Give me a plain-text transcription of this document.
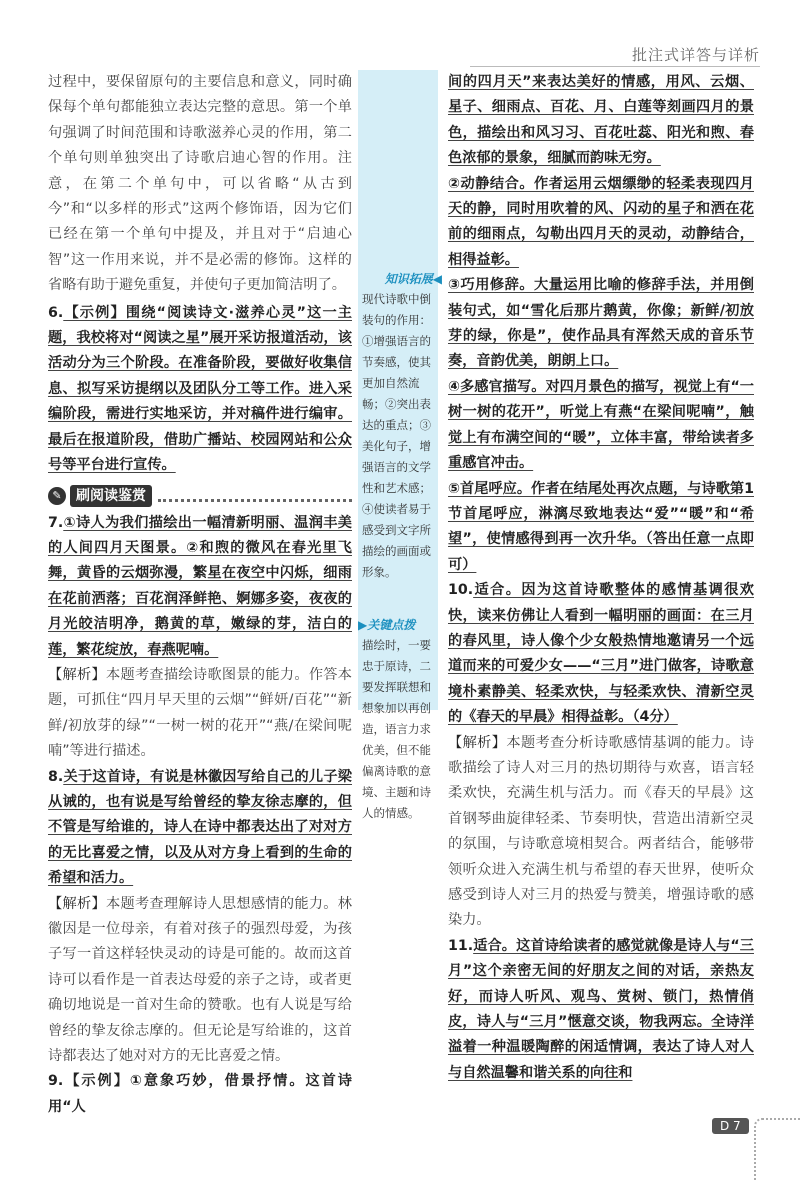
批注式详答与详析

过程中，要保留原句的主要信息和意义，同时确保每个单句都能独立表达完整的意思。第一个单句强调了时间范围和诗歌滋养心灵的作用，第二个单句则单独突出了诗歌启迪心智的作用。注意，在第二个单句中，可以省略“从古到今”和“以多样的形式”这两个修饰语，因为它们已经在第一个单句中提及，并且对于“启迪心智”这一作用来说，并不是必需的修饰。这样的省略有助于避免重复，并使句子更加简洁明了。

6.【示例】围绕“阅读诗文·滋养心灵”这一主题，我校将对“阅读之星”展开采访报道活动，该活动分为三个阶段。在准备阶段，要做好收集信息、拟写采访提纲以及团队分工等工作。进入采编阶段，需进行实地采访，并对稿件进行编审。最后在报道阶段，借助广播站、校园网站和公众号等平台进行宣传。

✎	刷阅读鉴赏

7.①诗人为我们描绘出一幅清新明丽、温润丰美的人间四月天图景。②和煦的微风在春光里飞舞，黄昏的云烟弥漫，繁星在夜空中闪烁，细雨在花前洒落；百花润泽鲜艳、婀娜多姿，夜夜的月光皎洁明净，鹅黄的草，嫩绿的芽，洁白的莲，繁花绽放，春燕呢喃。

【解析】本题考查描绘诗歌图景的能力。作答本题，可抓住“四月早天里的云烟”“鲜妍/百花”“新鲜/初放芽的绿”“一树一树的花开”“燕/在梁间呢喃”等进行描述。

8.关于这首诗，有说是林徽因写给自己的儿子梁从诫的，也有说是写给曾经的挚友徐志摩的，但不管是写给谁的，诗人在诗中都表达出了对对方的无比喜爱之情，以及从对方身上看到的生命的希望和活力。

【解析】本题考查理解诗人思想感情的能力。林徽因是一位母亲，有着对孩子的强烈母爱，为孩子写一首这样轻快灵动的诗是可能的。故而这首诗可以看作是一首表达母爱的亲子之诗，或者更确切地说是一首对生命的赞歌。也有人说是写给曾经的挚友徐志摩的。但无论是写给谁的，这首诗都表达了她对对方的无比喜爱之情。

9.【示例】①意象巧妙，借景抒情。这首诗用“人

知识拓展◀
现代诗歌中倒装句的作用：①增强语言的节奏感，使其更加自然流畅；②突出表达的重点；③美化句子，增强语言的文学性和艺术感；④使读者易于感受到文字所描绘的画面或形象。
▶关键点拨
描绘时，一要忠于原诗，二要发挥联想和想象加以再创造，语言力求优美，但不能偏离诗歌的意境、主题和诗人的情感。

间的四月天”来表达美好的情感，用风、云烟、星子、细雨点、百花、月、白莲等刻画四月的景色，描绘出和风习习、百花吐蕊、阳光和煦、春色浓郁的景象，细腻而韵味无穷。

②动静结合。作者运用云烟缥缈的轻柔表现四月天的静，同时用吹着的风、闪动的星子和洒在花前的细雨点，勾勒出四月天的灵动，动静结合，相得益彰。

③巧用修辞。大量运用比喻的修辞手法，并用倒装句式，如“雪化后那片鹅黄，你像；新鲜/初放芽的绿，你是”，使作品具有浑然天成的音乐节奏，音韵优美，朗朗上口。

④多感官描写。对四月景色的描写，视觉上有“一树一树的花开”，听觉上有燕“在梁间呢喃”，触觉上有布满空间的“暖”，立体丰富，带给读者多重感官冲击。

⑤首尾呼应。作者在结尾处再次点题，与诗歌第1节首尾呼应，淋漓尽致地表达“爱”“暖”和“希望”，使情感得到再一次升华。（答出任意一点即可）

10.适合。因为这首诗歌整体的感情基调很欢快，读来仿佛让人看到一幅明丽的画面：在三月的春风里，诗人像个少女般热情地邀请另一个远道而来的可爱少女——“三月”进门做客，诗歌意境朴素静美、轻柔欢快，与轻柔欢快、清新空灵的《春天的早晨》相得益彰。（4分）

【解析】本题考查分析诗歌感情基调的能力。诗歌描绘了诗人对三月的热切期待与欢喜，语言轻柔欢快，充满生机与活力。而《春天的早晨》这首钢琴曲旋律轻柔、节奏明快，营造出清新空灵的氛围，与诗歌意境相契合。两者结合，能够带领听众进入充满生机与希望的春天世界，使听众感受到诗人对三月的热爱与赞美，增强诗歌的感染力。

11.适合。这首诗给读者的感觉就像是诗人与“三月”这个亲密无间的好朋友之间的对话，亲热友好，而诗人听风、观鸟、赏树、锁门，热情俏皮，诗人与“三月”惬意交谈，物我两忘。全诗洋溢着一种温暖陶醉的闲适情调，表达了诗人对人与自然温馨和谐关系的向往和

D 7
